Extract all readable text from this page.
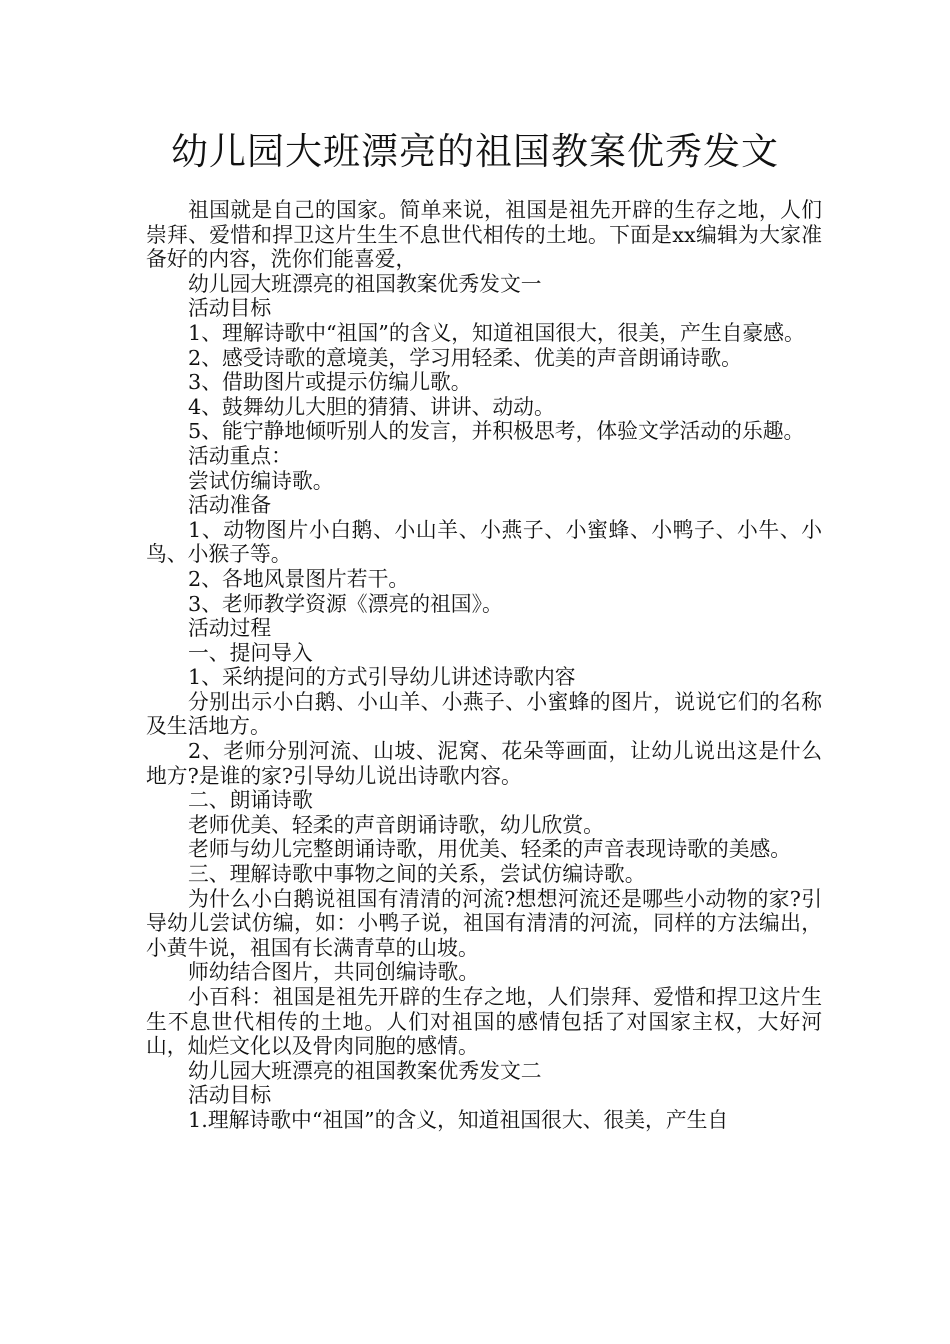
幼儿园大班漂亮的祖国教案优秀发文

祖国就是自己的国家。简单来说，祖国是祖先开辟的生存之地，人们崇拜、爱惜和捍卫这片生生不息世代相传的土地。下面是xx编辑为大家准备好的内容，洗你们能喜爱，

幼儿园大班漂亮的祖国教案优秀发文一

活动目标

1、理解诗歌中“祖国”的含义，知道祖国很大，很美，产生自豪感。

2、感受诗歌的意境美，学习用轻柔、优美的声音朗诵诗歌。

3、借助图片或提示仿编儿歌。

4、鼓舞幼儿大胆的猜猜、讲讲、动动。

5、能宁静地倾听别人的发言，并积极思考，体验文学活动的乐趣。

活动重点：

尝试仿编诗歌。

活动准备

1、动物图片小白鹅、小山羊、小燕子、小蜜蜂、小鸭子、小牛、小鸟、小猴子等。

2、各地风景图片若干。

3、老师教学资源《漂亮的祖国》。

活动过程

一、提问导入

1、采纳提问的方式引导幼儿讲述诗歌内容

分别出示小白鹅、小山羊、小燕子、小蜜蜂的图片，说说它们的名称及生活地方。

2、老师分别河流、山坡、泥窝、花朵等画面，让幼儿说出这是什么地方?是谁的家?引导幼儿说出诗歌内容。

二、朗诵诗歌

老师优美、轻柔的声音朗诵诗歌，幼儿欣赏。

老师与幼儿完整朗诵诗歌，用优美、轻柔的声音表现诗歌的美感。

三、理解诗歌中事物之间的关系，尝试仿编诗歌。

为什么小白鹅说祖国有清清的河流?想想河流还是哪些小动物的家?引导幼儿尝试仿编，如：小鸭子说，祖国有清清的河流，同样的方法编出，小黄牛说，祖国有长满青草的山坡。

师幼结合图片，共同创编诗歌。

小百科：祖国是祖先开辟的生存之地，人们崇拜、爱惜和捍卫这片生生不息世代相传的土地。人们对祖国的感情包括了对国家主权，大好河山，灿烂文化以及骨肉同胞的感情。

幼儿园大班漂亮的祖国教案优秀发文二

活动目标

1.理解诗歌中“祖国”的含义，知道祖国很大、很美，产生自
